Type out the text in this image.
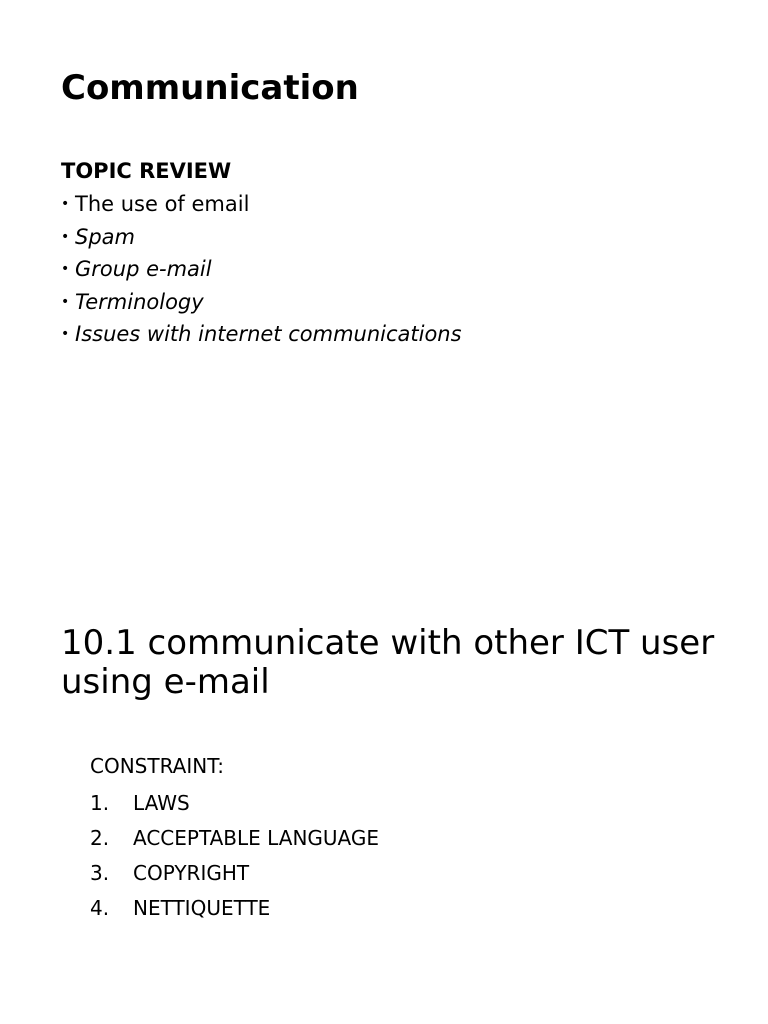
Communication
TOPIC REVIEW
• The use of email
• Spam
• Group e-mail
• Terminology
• Issues with internet communications
10.1 communicate with other ICT user using e-mail
CONSTRAINT:
1. LAWS
2. ACCEPTABLE LANGUAGE
3. COPYRIGHT
4. NETTIQUETTE
